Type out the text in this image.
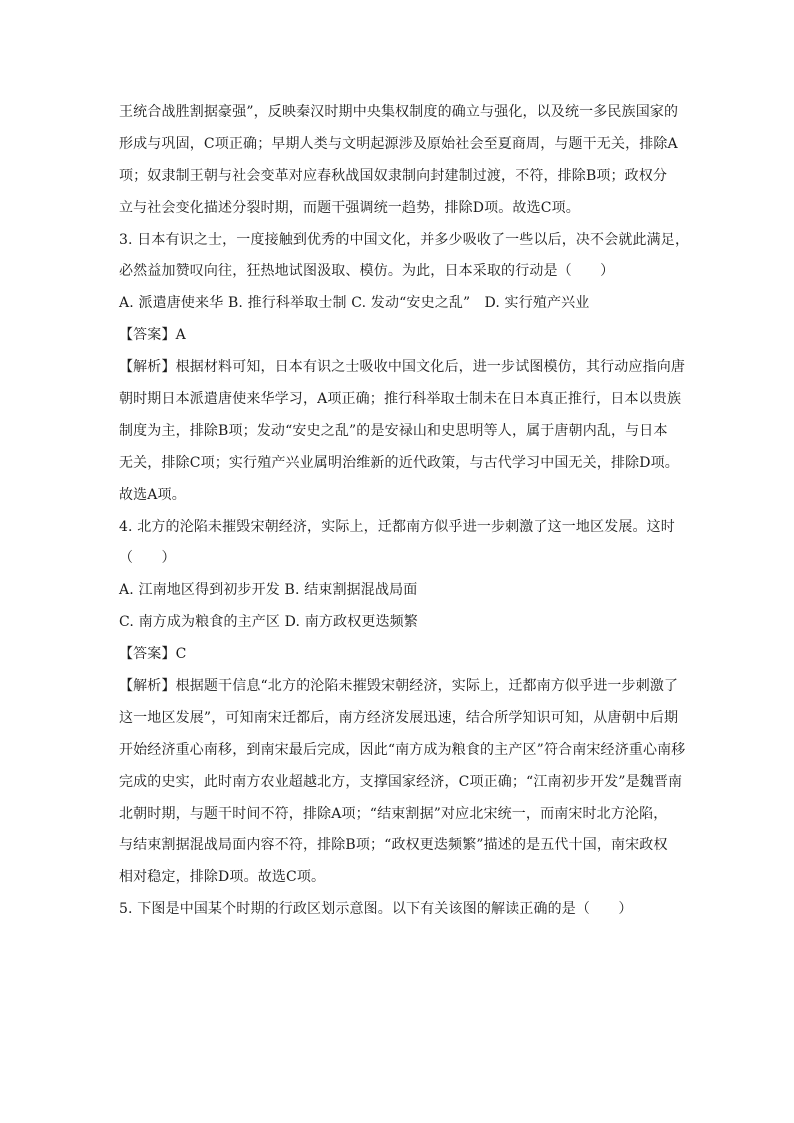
王统合战胜割据豪强”，反映秦汉时期中央集权制度的确立与强化，以及统一多民族国家的
形成与巩固，C项正确；早期人类与文明起源涉及原始社会至夏商周，与题干无关，排除A
项；奴隶制王朝与社会变革对应春秋战国奴隶制向封建制过渡，不符，排除B项；政权分
立与社会变化描述分裂时期，而题干强调统一趋势，排除D项。故选C项。
3. 日本有识之士，一度接触到优秀的中国文化，并多少吸收了一些以后，决不会就此满足，
必然益加赞叹向往，狂热地试图汲取、模仿。为此，日本采取的行动是（　　）
A. 派遣唐使来华 B. 推行科举取士制 C. 发动“安史之乱”　D. 实行殖产兴业
【答案】A
【解析】根据材料可知，日本有识之士吸收中国文化后，进一步试图模仿，其行动应指向唐
朝时期日本派遣唐使来华学习，A项正确；推行科举取士制未在日本真正推行，日本以贵族
制度为主，排除B项；发动“安史之乱”的是安禄山和史思明等人，属于唐朝内乱，与日本
无关，排除C项；实行殖产兴业属明治维新的近代政策，与古代学习中国无关，排除D项。
故选A项。
4. 北方的沦陷未摧毁宋朝经济，实际上，迁都南方似乎进一步刺激了这一地区发展。这时
（　　）
A. 江南地区得到初步开发 B. 结束割据混战局面
C. 南方成为粮食的主产区 D. 南方政权更迭频繁
【答案】C
【解析】根据题干信息“北方的沦陷未摧毁宋朝经济，实际上，迁都南方似乎进一步刺激了
这一地区发展”，可知南宋迁都后，南方经济发展迅速，结合所学知识可知，从唐朝中后期
开始经济重心南移，到南宋最后完成，因此“南方成为粮食的主产区”符合南宋经济重心南移
完成的史实，此时南方农业超越北方，支撑国家经济，C项正确；“江南初步开发”是魏晋南
北朝时期，与题干时间不符，排除A项；“结束割据”对应北宋统一，而南宋时北方沦陷，
与结束割据混战局面内容不符，排除B项；“政权更迭频繁”描述的是五代十国，南宋政权
相对稳定，排除D项。故选C项。
5. 下图是中国某个时期的行政区划示意图。以下有关该图的解读正确的是（　　）
